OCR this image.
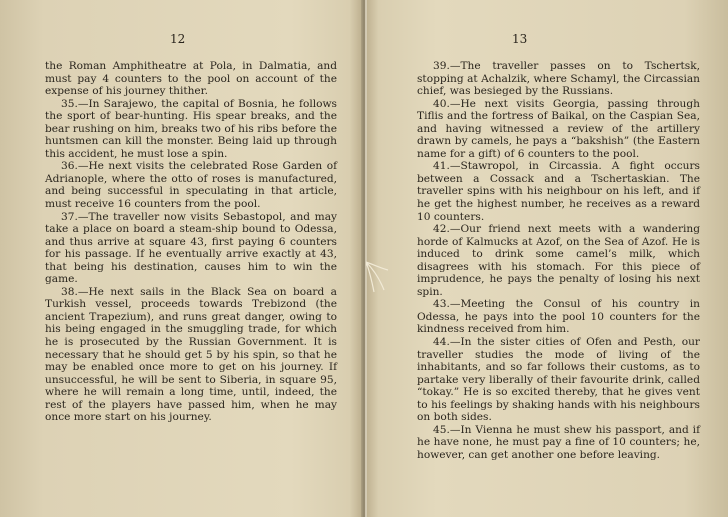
12

the Roman Amphitheatre at Pola, in Dalmatia, and must pay 4 counters to the pool on account of the expense of his journey thither.

35.—In Sarajewo, the capital of Bosnia, he follows the sport of bear-hunting. His spear breaks, and the bear rushing on him, breaks two of his ribs before the huntsmen can kill the monster. Being laid up through this accident, he must lose a spin.

36.—He next visits the celebrated Rose Garden of Adrianople, where the otto of roses is manufactured, and being successful in speculating in that article, must receive 16 counters from the pool.

37.—The traveller now visits Sebastopol, and may take a place on board a steam-ship bound to Odessa, and thus arrive at square 43, first paying 6 counters for his passage. If he eventually arrive exactly at 43, that being his destination, causes him to win the game.

38.—He next sails in the Black Sea on board a Turkish vessel, proceeds towards Trebizond (the ancient Trapezium), and runs great danger, owing to his being engaged in the smuggling trade, for which he is prosecuted by the Russian Government. It is necessary that he should get 5 by his spin, so that he may be enabled once more to get on his journey. If unsuccessful, he will be sent to Siberia, in square 95, where he will remain a long time, until, indeed, the rest of the players have passed him, when he may once more start on his journey.

13

39.—The traveller passes on to Tschertsk, stopping at Achalzik, where Schamyl, the Circassian chief, was besieged by the Russians.

40.—He next visits Georgia, passing through Tiflis and the fortress of Baikal, on the Caspian Sea, and having witnessed a review of the artillery drawn by camels, he pays a “bakshish” (the Eastern name for a gift) of 6 counters to the pool.

41.—Stawropol, in Circassia. A fight occurs between a Cossack and a Tschertaskian. The traveller spins with his neighbour on his left, and if he get the highest number, he receives as a reward 10 counters.

42.—Our friend next meets with a wandering horde of Kalmucks at Azof, on the Sea of Azof. He is induced to drink some camel’s milk, which disagrees with his stomach. For this piece of imprudence, he pays the penalty of losing his next spin.

43.—Meeting the Consul of his country in Odessa, he pays into the pool 10 counters for the kindness received from him.

44.—In the sister cities of Ofen and Pesth, our traveller studies the mode of living of the inhabitants, and so far follows their customs, as to partake very liberally of their favourite drink, called “tokay.” He is so excited thereby, that he gives vent to his feelings by shaking hands with his neighbours on both sides.

45.—In Vienna he must shew his passport, and if he have none, he must pay a fine of 10 counters; he, however, can get another one before leaving.
